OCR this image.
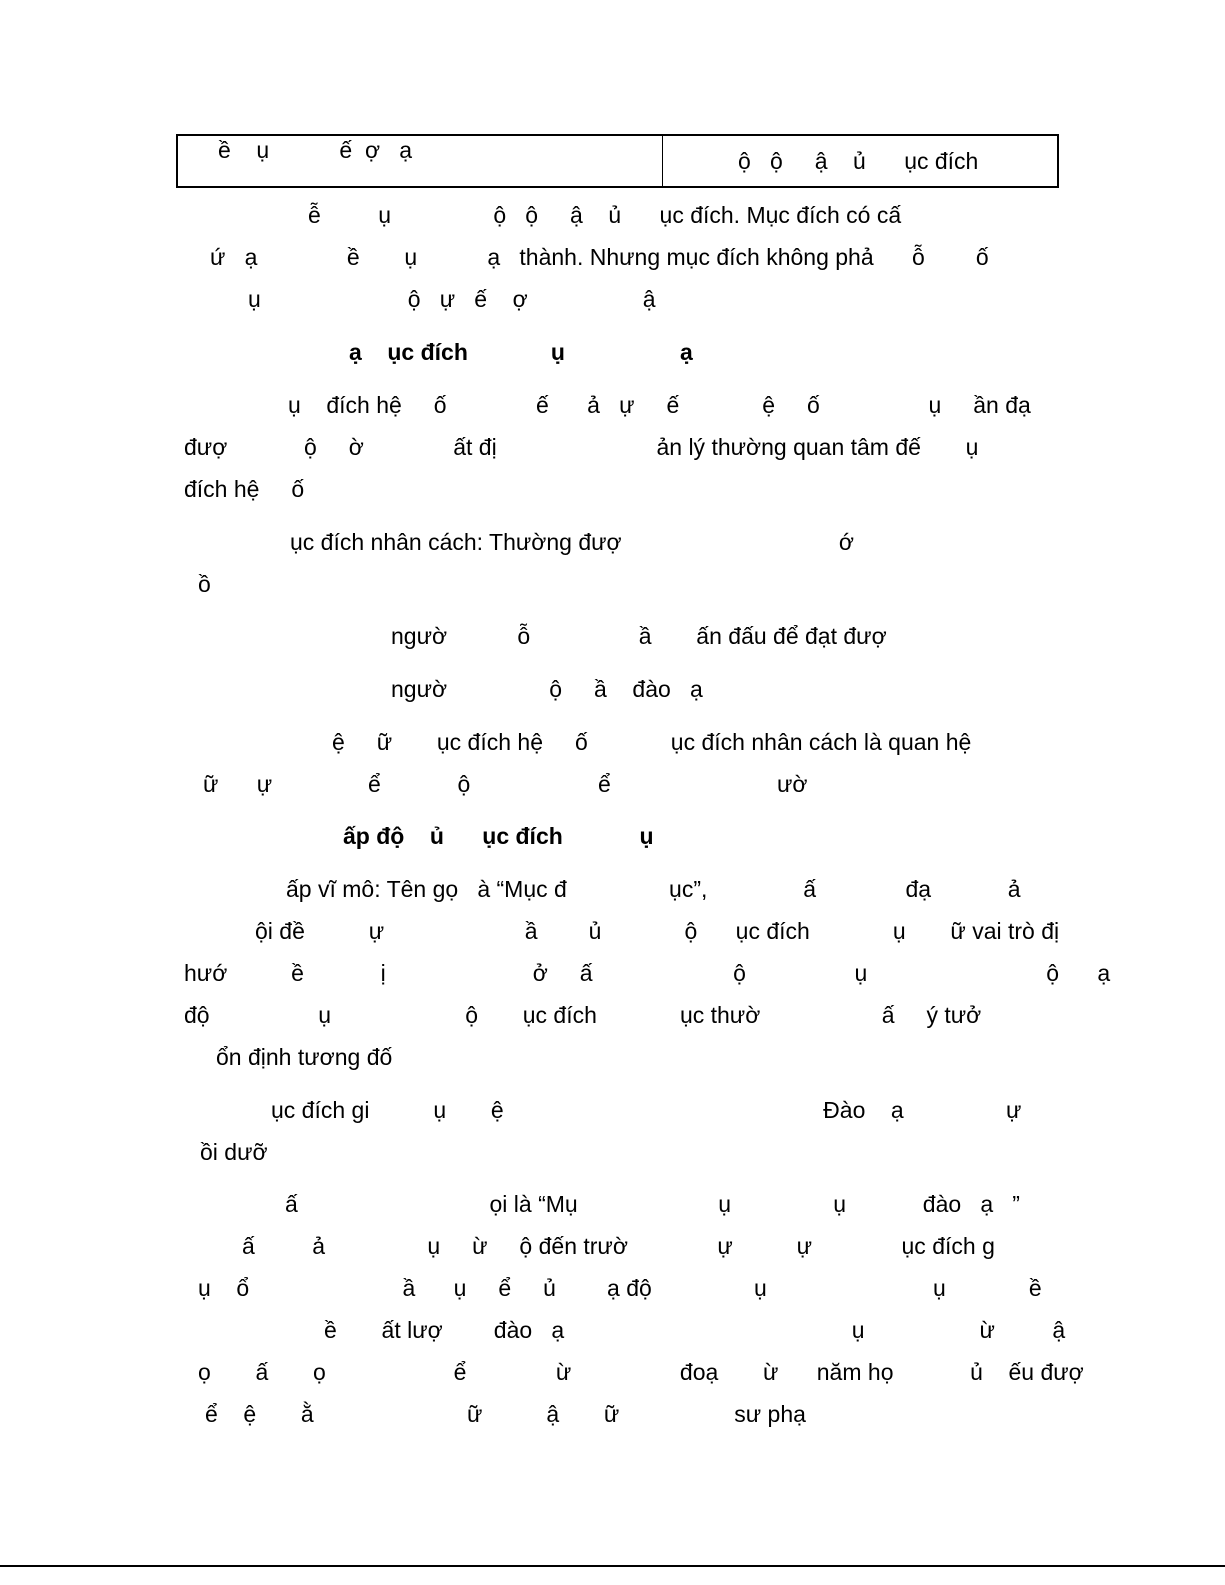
ề    ụ           ế  ợ   ạ	ộ   ộ     ậ    ủ      ục đích
ễ         ụ                ộ   ộ     ậ    ủ      ục đích. Mục đích có cấ
ứ   ạ              ề       ụ           ạ   thành. Nhưng mục đích không phả      ỗ        ố
ụ                       ộ   ự   ế    ợ                  ậ
ạ    ục đích             ụ                  ạ
ụ    đích hệ     ố              ế      ả   ự     ế             ệ     ố                 ụ     ần đạ
đượ            ộ     ờ              ất đị                         ản lý thường quan tâm đế       ụ
đích hệ     ố
ục đích nhân cách: Thường đượ                                  ớ
ồ
ngườ           ỗ                 ầ       ấn đấu để đạt đượ
ngườ                ộ     ầ    đào   ạ
ệ     ữ       ục đích hệ     ố             ục đích nhân cách là quan hệ
ữ      ự               ể            ộ                    ể                          ườ
ấp độ    ủ      ục đích            ụ
ấp vĩ mô: Tên gọ   à “Mục đ                ục”,               ấ              đạ            ả
ội đề          ự                      ầ        ủ             ộ      ục đích             ụ       ữ vai trò đị
hướ          ề            ị                       ở     ấ                      ộ                 ụ                            ộ      ạ
độ                 ụ                     ộ       ục đích             ục thườ                   ấ     ý tưở
ổn định tương đố
ục đích gi          ụ       ệ                                                  Đào    ạ                ự
ồi dưỡ
ấ                              ọi là “Mụ                      ụ                ụ            đào   ạ   ”
ấ         ả                ụ     ừ     ộ đến trườ              ự          ự              ục đích g
ụ    ổ                        ầ      ụ     ể     ủ        ạ độ                ụ                          ụ             ề
ề       ất lượ        đào   ạ                                             ụ                  ừ         ậ
ọ       ấ       ọ                    ể              ừ                 đoạ       ừ      năm họ            ủ    ếu đượ
ể    ệ       ằ                        ữ          ậ       ữ                  sư phạ
